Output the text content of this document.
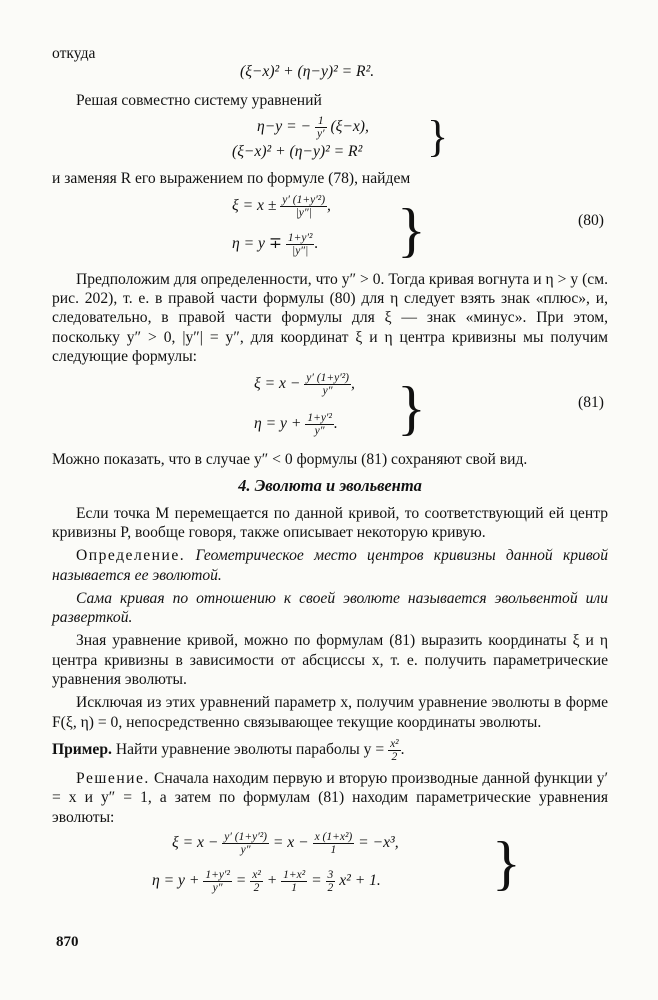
откуда

(ξ−x)² + (η−y)² = R².

Решая совместно систему уравнений

η−y = − $\frac{1}{y'} (\xi-x)$,
(ξ−x)² + (η−y)² = R² }

и заменяя R его выражением по формуле (78), найдем

$\xi = x \pm \frac{\text{y′ (1+y′²)}}{|y''|}$ ,
$\eta = y \mp \frac{\text{1+y′²}}{|y''|}$ . }	(80)

Предположим для определенности, что y″ > 0. Тогда кривая вогнута и η > y (см. рис. 202), т. е. в правой части формулы (80) для η следует взять знак «плюс», и, следовательно, в правой части формулы для ξ — знак «минус». При этом, поскольку y″ > 0, |y″| = y″, для координат ξ и η центра кривизны мы получим следующие формулы:

$\xi = x - \frac{\text{y′ (1+y′²)}}{y''}$ ,
$\eta = y + \frac{\text{1+y′²}}{y''}$ . }	(81)

Можно показать, что в случае y″ < 0 формулы (81) сохраняют свой вид.

4. Эволюта и эвольвента

Если точка M перемещается по данной кривой, то соответствующий ей центр кривизны P, вообще говоря, также описывает некоторую кривую.

Определение. Геометрическое место центров кривизны данной кривой называется ее эволютой.

Сама кривая по отношению к своей эволюте называется эвольвентой или разверткой.

Зная уравнение кривой, можно по формулам (81) выразить координаты ξ и η центра кривизны в зависимости от абсциссы x, т. е. получить параметрические уравнения эволюты.

Исключая из этих уравнений параметр x, получим уравнение эволюты в форме F(ξ, η) = 0, непосредственно связывающее текущие координаты эволюты.

Пример. Найти уравнение эволюты параболы $y = \frac{\text{x²}}{2}$ .

Решение. Сначала находим первую и вторую производные данной функции y′ = x и y″ = 1, а затем по формулам (81) находим параметрические уравнения эволюты:

$\xi = x - \frac{\text{y′ (1+y′²)}}{y''} = x - \frac{\text{x (1+x²)}}{1} = -x^3$,
$\eta = y + \frac{\text{1+y′²}}{y''} = \frac{\text{x²}}{2} + \frac{\text{1+x²}}{1} = \frac{3}{2} x^2 + 1$. }
870
